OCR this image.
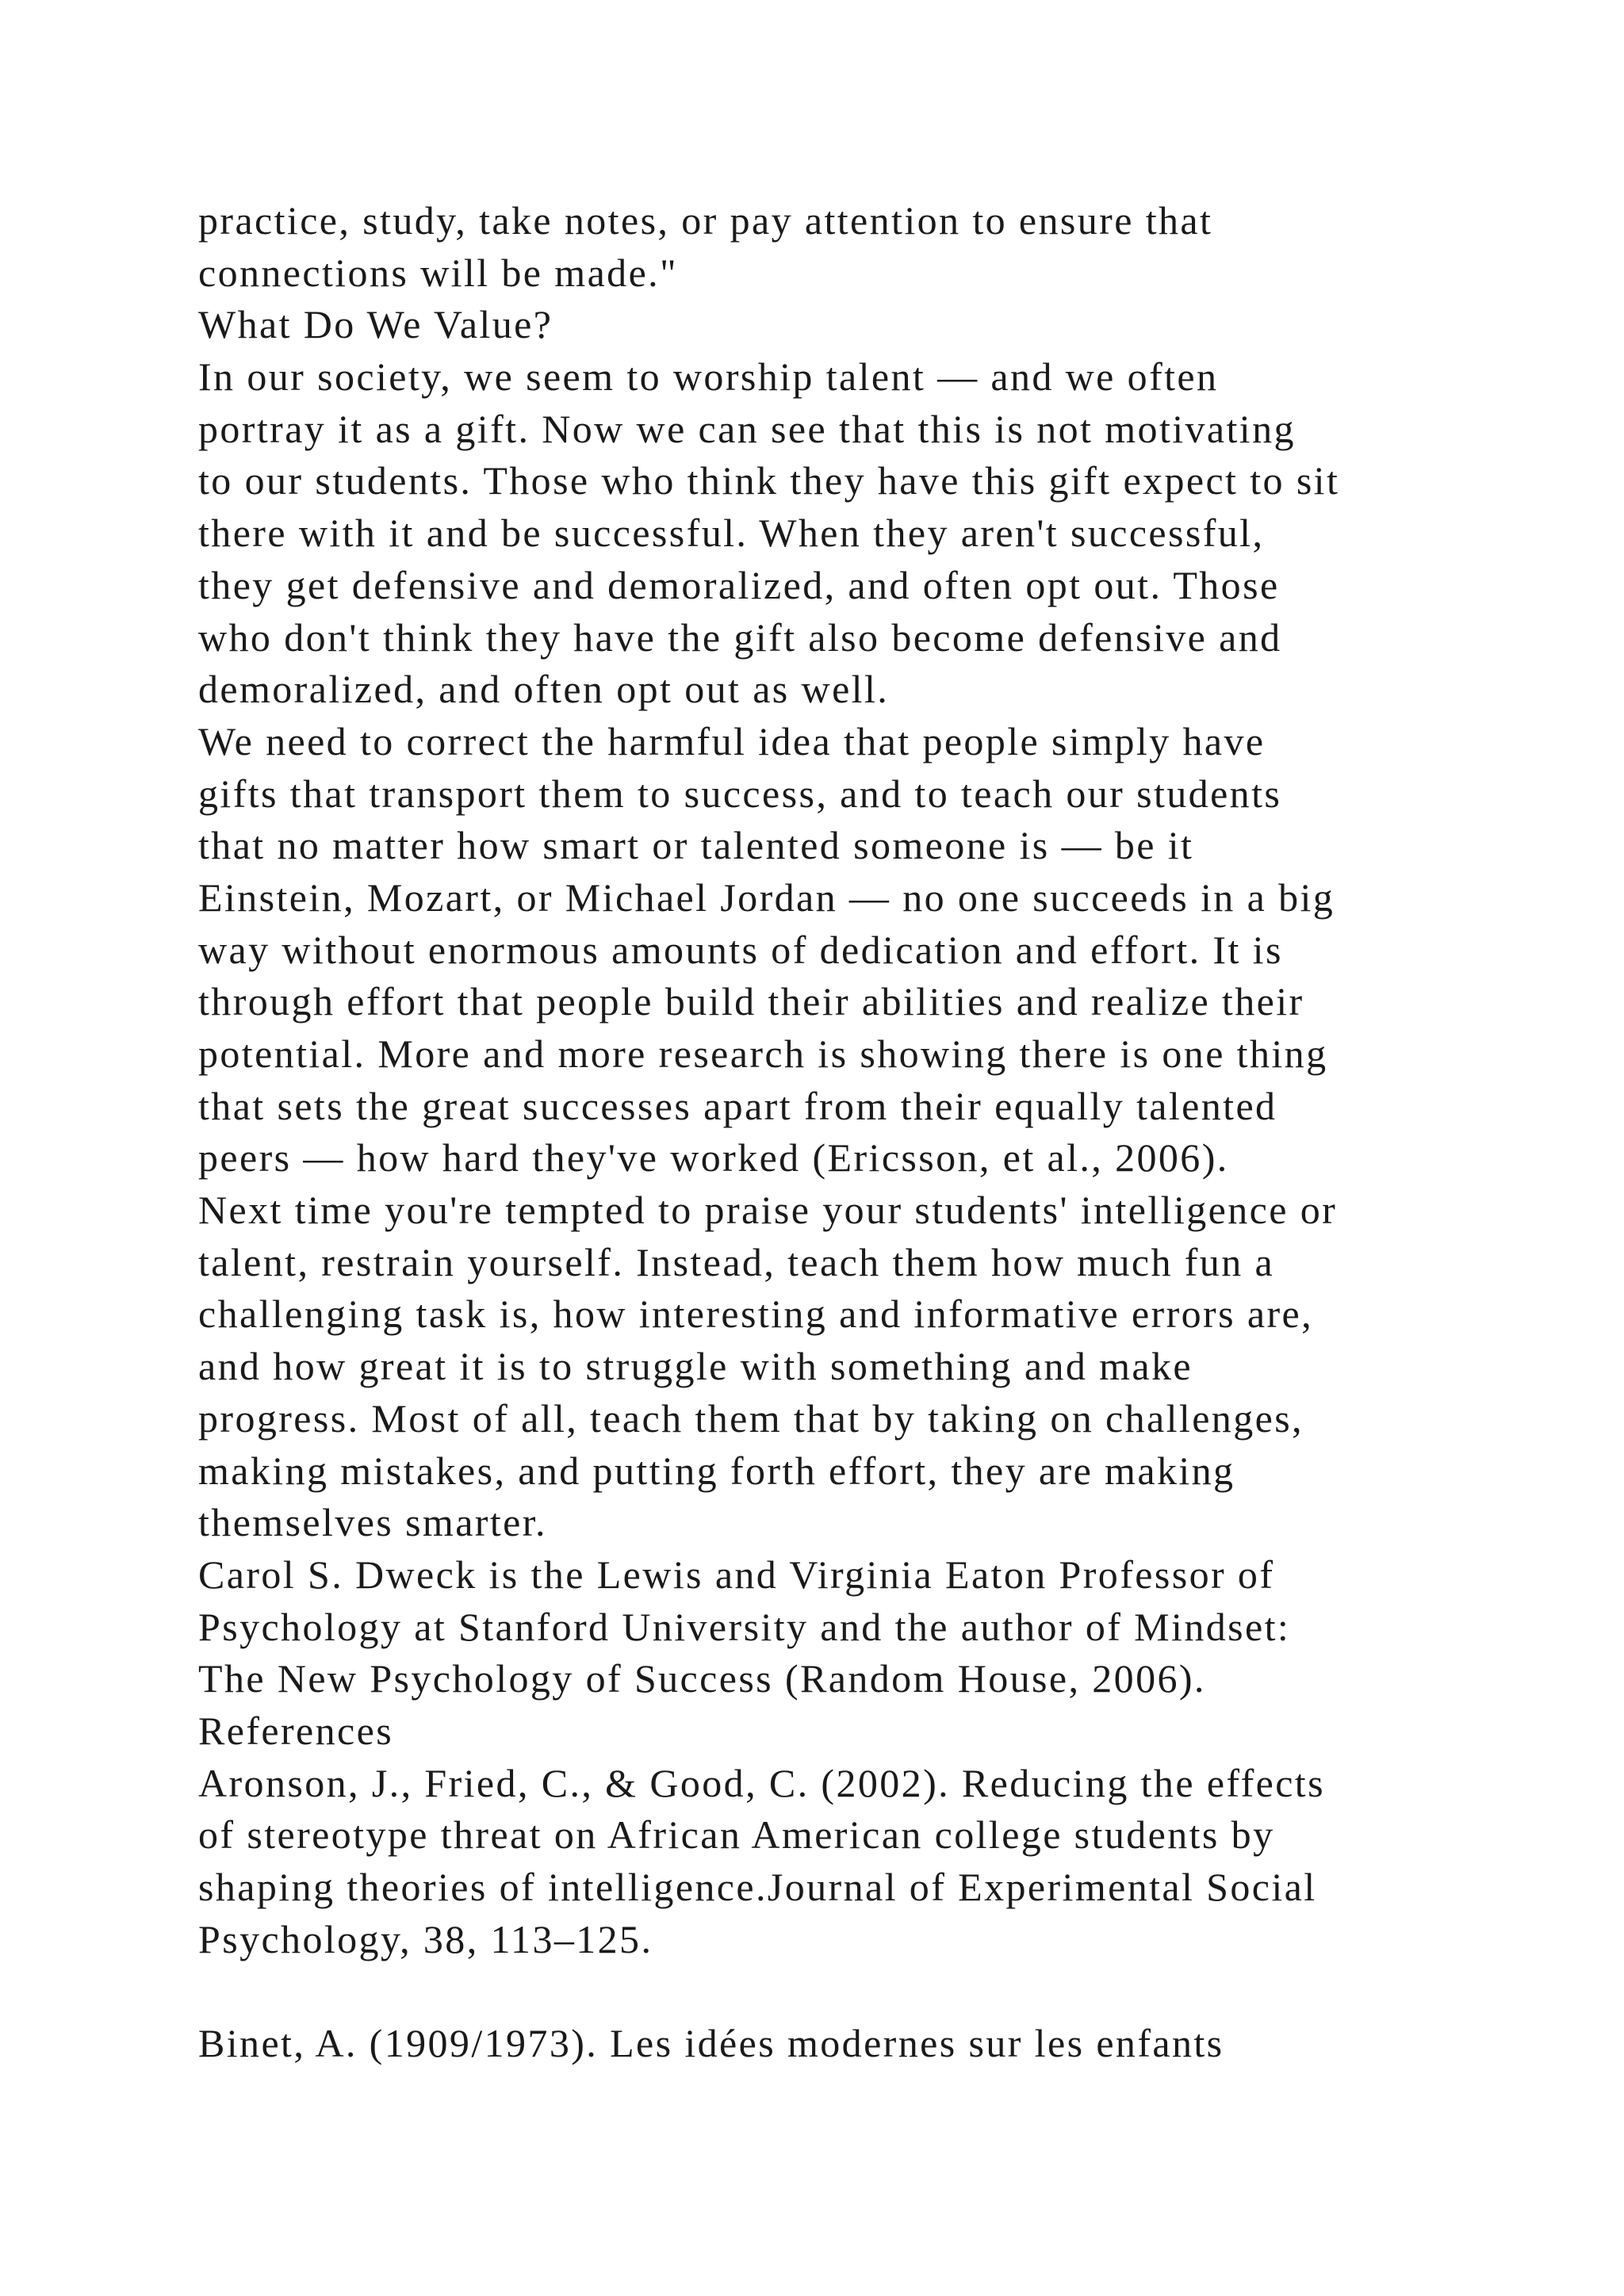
practice, study, take notes, or pay attention to ensure that
connections will be made."
What Do We Value?
In our society, we seem to worship talent — and we often
portray it as a gift. Now we can see that this is not motivating
to our students. Those who think they have this gift expect to sit
there with it and be successful. When they aren't successful,
they get defensive and demoralized, and often opt out. Those
who don't think they have the gift also become defensive and
demoralized, and often opt out as well.
We need to correct the harmful idea that people simply have
gifts that transport them to success, and to teach our students
that no matter how smart or talented someone is — be it
Einstein, Mozart, or Michael Jordan — no one succeeds in a big
way without enormous amounts of dedication and effort. It is
through effort that people build their abilities and realize their
potential. More and more research is showing there is one thing
that sets the great successes apart from their equally talented
peers — how hard they've worked (Ericsson, et al., 2006).
Next time you're tempted to praise your students' intelligence or
talent, restrain yourself. Instead, teach them how much fun a
challenging task is, how interesting and informative errors are,
and how great it is to struggle with something and make
progress. Most of all, teach them that by taking on challenges,
making mistakes, and putting forth effort, they are making
themselves smarter.
Carol S. Dweck is the Lewis and Virginia Eaton Professor of
Psychology at Stanford University and the author of Mindset:
The New Psychology of Success (Random House, 2006).
References
Aronson, J., Fried, C., & Good, C. (2002). Reducing the effects
of stereotype threat on African American college students by
shaping theories of intelligence.Journal of Experimental Social
Psychology, 38, 113–125.
Binet, A. (1909/1973). Les idées modernes sur les enfants
